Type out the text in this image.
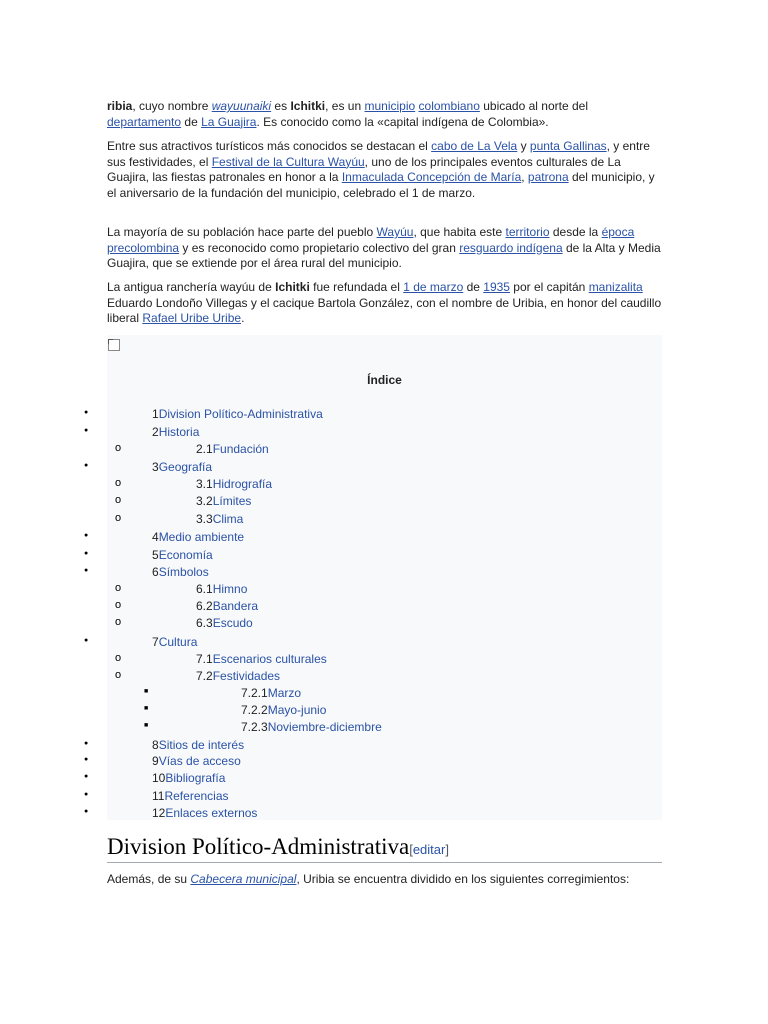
ribia, cuyo nombre wayuunaiki es Ichitki, es un municipio colombiano ubicado al norte del departamento de La Guajira. Es conocido como la «capital indígena de Colombia».

Entre sus atractivos turísticos más conocidos se destacan el cabo de La Vela y punta Gallinas, y entre sus festividades, el Festival de la Cultura Wayúu, uno de los principales eventos culturales de La Guajira, las fiestas patronales en honor a la Inmaculada Concepción de María, patrona del municipio, y el aniversario de la fundación del municipio, celebrado el 1 de marzo.

La mayoría de su población hace parte del pueblo Wayúu, que habita este territorio desde la época precolombina y es reconocido como propietario colectivo del gran resguardo indígena de la Alta y Media Guajira, que se extiende por el área rural del municipio.

La antigua ranchería wayúu de Ichitki fue refundada el 1 de marzo de 1935 por el capitán manizalita Eduardo Londoño Villegas y el cacique Bartola González, con el nombre de Uribia, en honor del caudillo liberal Rafael Uribe Uribe.

Índice
●	1Division Político-Administrativa
●	2Historia
o	2.1Fundación
●	3Geografía
o	3.1Hidrografía
o	3.2Límites
o	3.3Clima
●	4Medio ambiente
●	5Economía
●	6Símbolos
o	6.1Himno
o	6.2Bandera
o	6.3Escudo
●	7Cultura
o	7.1Escenarios culturales
o	7.2Festividades
■	7.2.1Marzo
■	7.2.2Mayo-junio
■	7.2.3Noviembre-diciembre
●	8Sitios de interés
●	9Vías de acceso
●	10Bibliografía
●	11Referencias
●	12Enlaces externos
Division Político-Administrativa[editar]

Además, de su Cabecera municipal, Uribia se encuentra dividido en los siguientes corregimientos:
